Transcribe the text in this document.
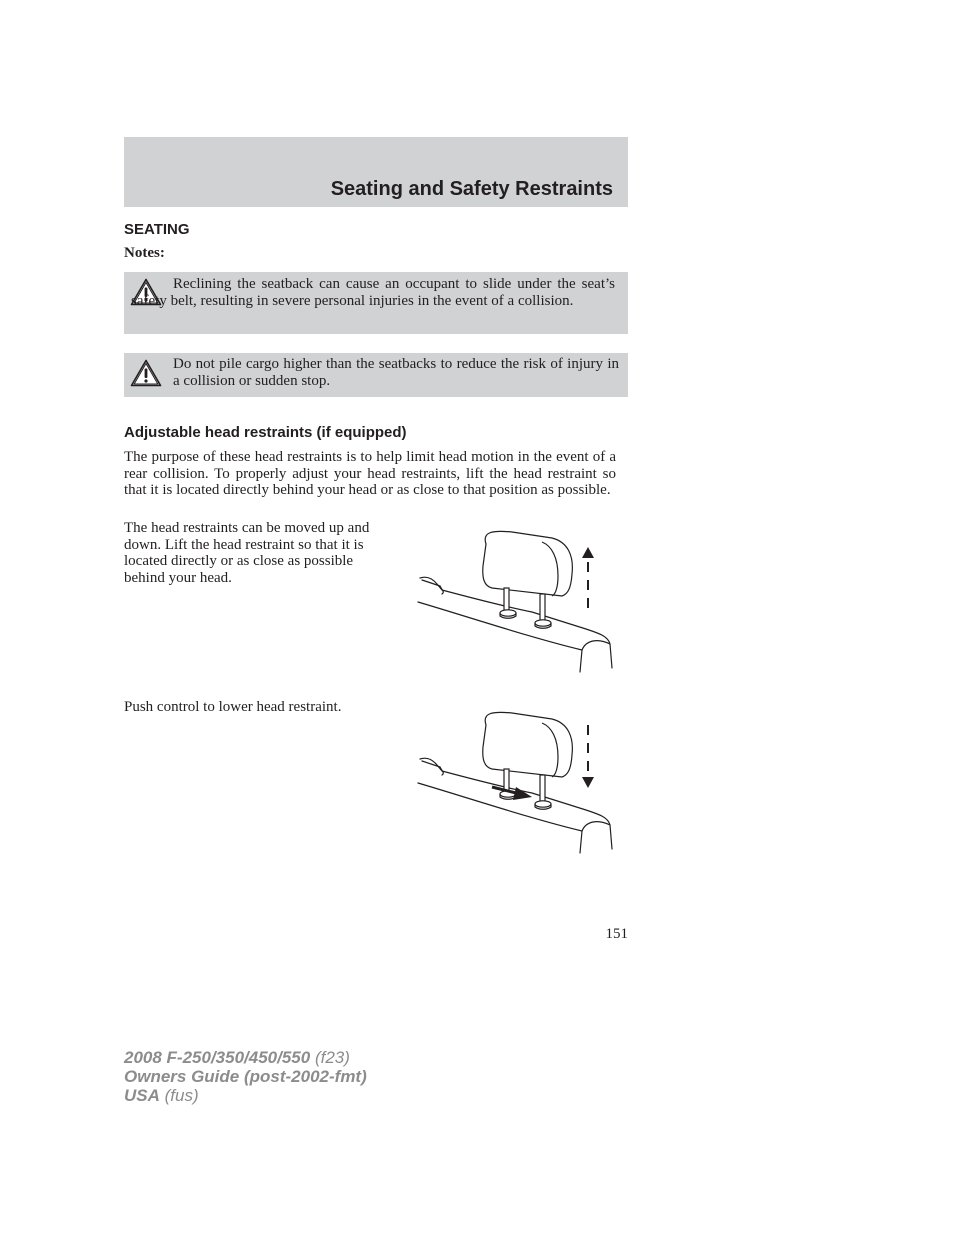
Seating and Safety Restraints
SEATING
Notes:

Reclining the seatback can cause an occupant to slide under the seat’s safety belt, resulting in severe personal injuries in the event of a collision.

Do not pile cargo higher than the seatbacks to reduce the risk of injury in a collision or sudden stop.

Adjustable head restraints (if equipped)

The purpose of these head restraints is to help limit head motion in the event of a rear collision. To properly adjust your head restraints, lift the head restraint so that it is located directly behind your head or as close to that position as possible.

The head restraints can be moved up and down. Lift the head restraint so that it is located directly or as close as possible behind your head.

Push control to lower head restraint.

151
2008 F-250/350/450/550 (f23)
Owners Guide (post-2002-fmt)
USA (fus)
